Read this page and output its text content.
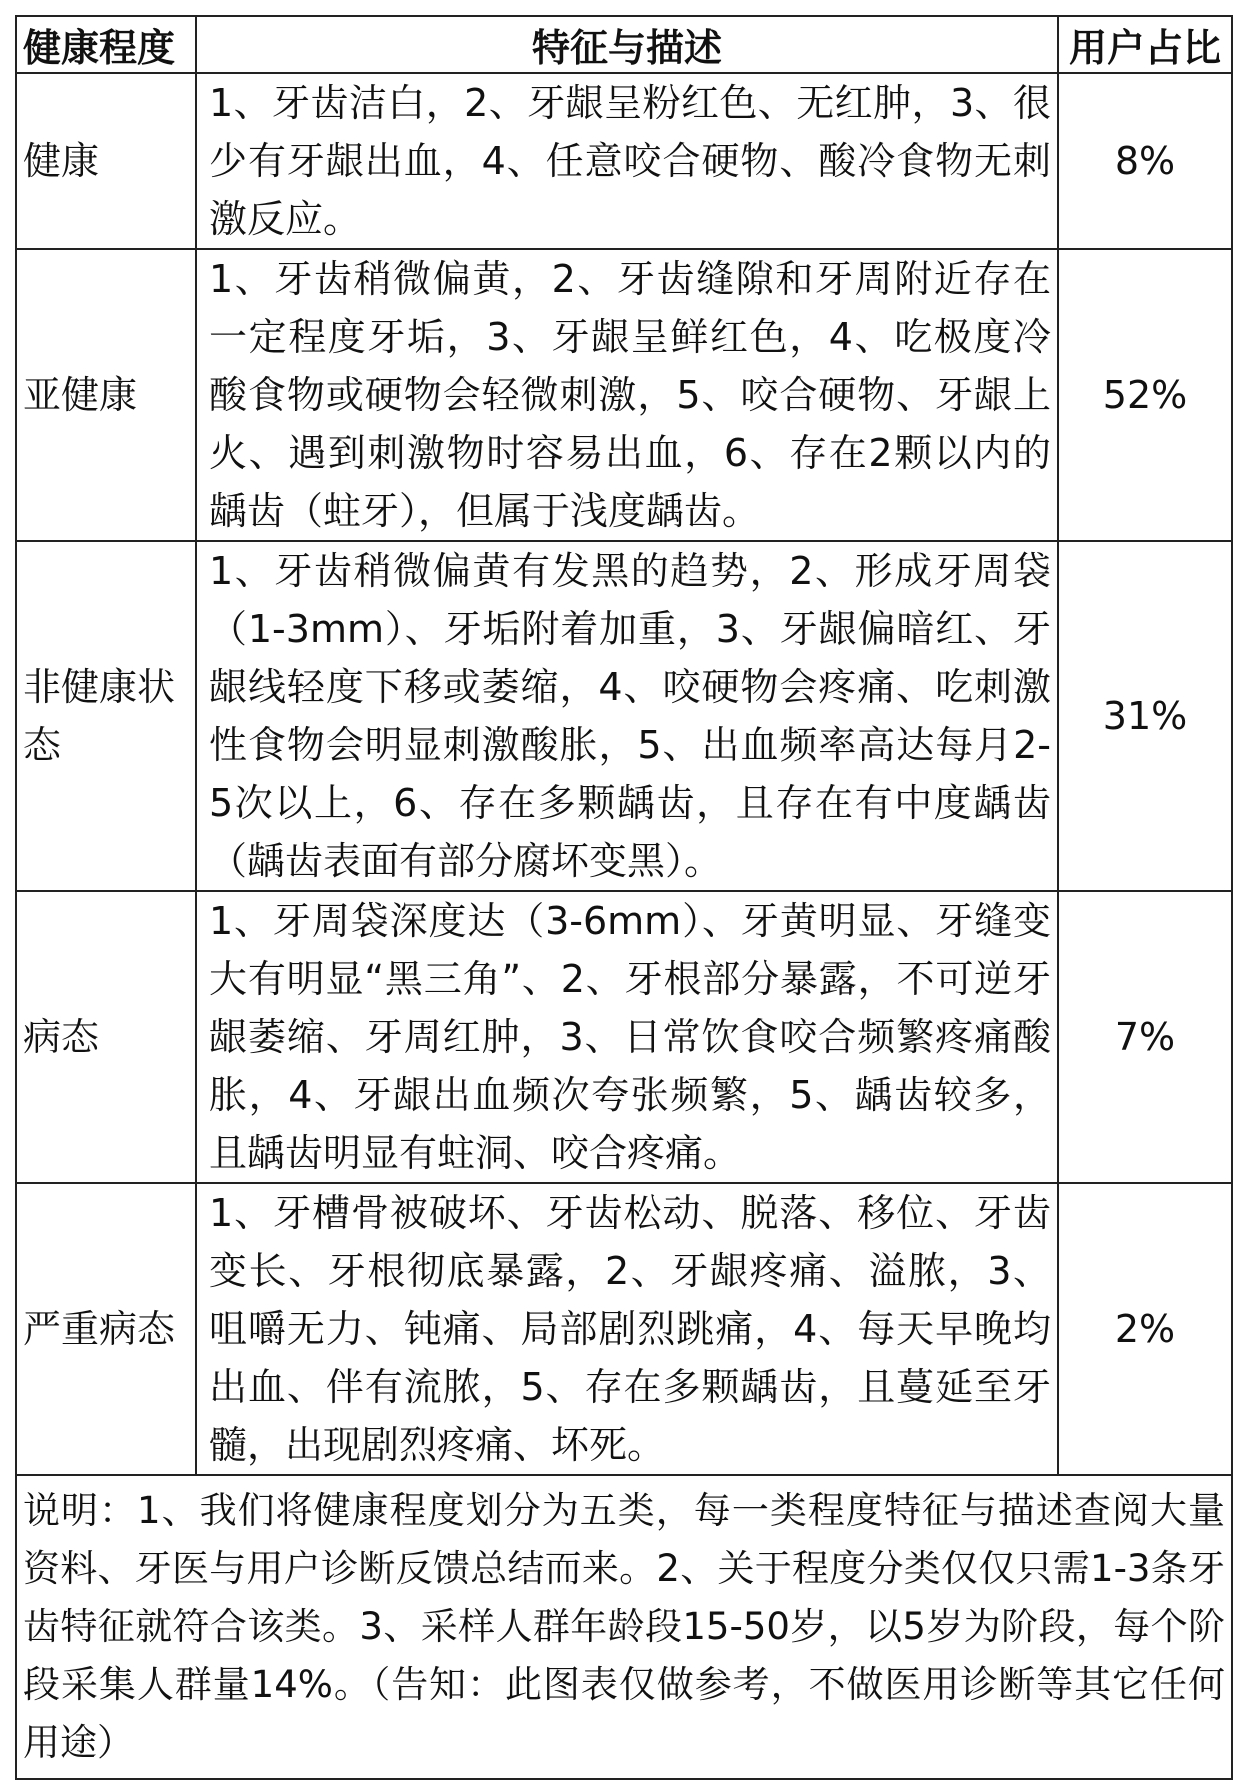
健康程度	特征与描述	用户占比
健康	1、牙齿洁白，2、牙龈呈粉红色、无红肿，3、很少有牙龈出血，4、任意咬合硬物、酸冷食物无刺激反应。	8%
亚健康	1、牙齿稍微偏黄，2、牙齿缝隙和牙周附近存在一定程度牙垢，3、牙龈呈鲜红色，4、吃极度冷酸食物或硬物会轻微刺激，5、咬合硬物、牙龈上火、遇到刺激物时容易出血，6、存在2颗以内的龋齿（蛀牙），但属于浅度龋齿。	52%
非健康状态	1、牙齿稍微偏黄有发黑的趋势，2、形成牙周袋（1-3mm）、牙垢附着加重，3、牙龈偏暗红、牙龈线轻度下移或萎缩，4、咬硬物会疼痛、吃刺激性食物会明显刺激酸胀，5、出血频率高达每月2-5次以上，6、存在多颗龋齿，且存在有中度龋齿（龋齿表面有部分腐坏变黑）。	31%
病态	1、牙周袋深度达（3-6mm）、牙黄明显、牙缝变大有明显“黑三角”、2、牙根部分暴露，不可逆牙龈萎缩、牙周红肿，3、日常饮食咬合频繁疼痛酸胀，4、牙龈出血频次夸张频繁，5、龋齿较多，且龋齿明显有蛀洞、咬合疼痛。	7%
严重病态	1、牙槽骨被破坏、牙齿松动、脱落、移位、牙齿变长、牙根彻底暴露，2、牙龈疼痛、溢脓，3、咀嚼无力、钝痛、局部剧烈跳痛，4、每天早晚均出血、伴有流脓，5、存在多颗龋齿，且蔓延至牙髓，出现剧烈疼痛、坏死。	2%
说明：1、我们将健康程度划分为五类，每一类程度特征与描述查阅大量资料、牙医与用户诊断反馈总结而来。2、关于程度分类仅仅只需1-3条牙齿特征就符合该类。3、采样人群年龄段15-50岁，以5岁为阶段，每个阶段采集人群量14%。（告知：此图表仅做参考，不做医用诊断等其它任何用途）		
